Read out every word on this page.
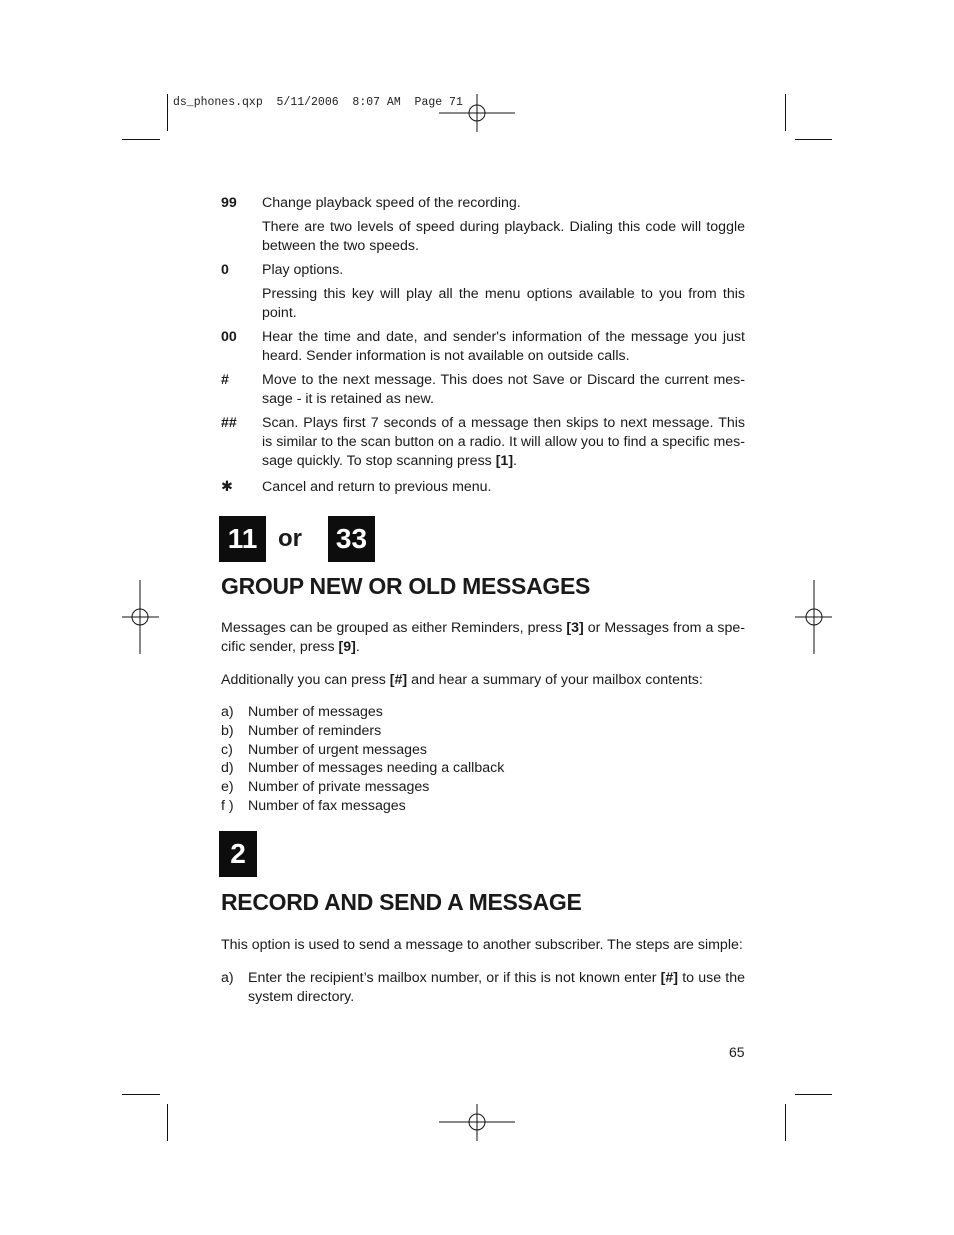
ds_phones.qxp  5/11/2006  8:07 AM  Page 71
99	Change playback speed of the recording.

There are two levels of speed during playback. Dialing this code will toggle between the two speeds.

0	Play options.

Pressing this key will play all the menu options available to you from this point.

00	Hear the time and date, and sender's information of the message you just heard. Sender information is not available on outside calls.

#	Move to the next message. This does not Save or Discard the current mes-sage - it is retained as new.

##	Scan. Plays first 7 seconds of a message then skips to next message. This is similar to the scan button on a radio. It will allow you to find a specific mes-sage quickly. To stop scanning press [1].

✱	Cancel and return to previous menu.

11 or 33
GROUP NEW OR OLD MESSAGES

Messages can be grouped as either Reminders, press [3] or Messages from a spe-cific sender, press [9].

Additionally you can press [#] and hear a summary of your mailbox contents:

a) Number of messages
b) Number of reminders
c) Number of urgent messages
d) Number of messages needing a callback
e) Number of private messages
f ) Number of fax messages
2
RECORD AND SEND A MESSAGE

This option is used to send a message to another subscriber. The steps are simple:

a) Enter the recipient’s mailbox number, or if this is not known enter [#] to use the system directory.
65
